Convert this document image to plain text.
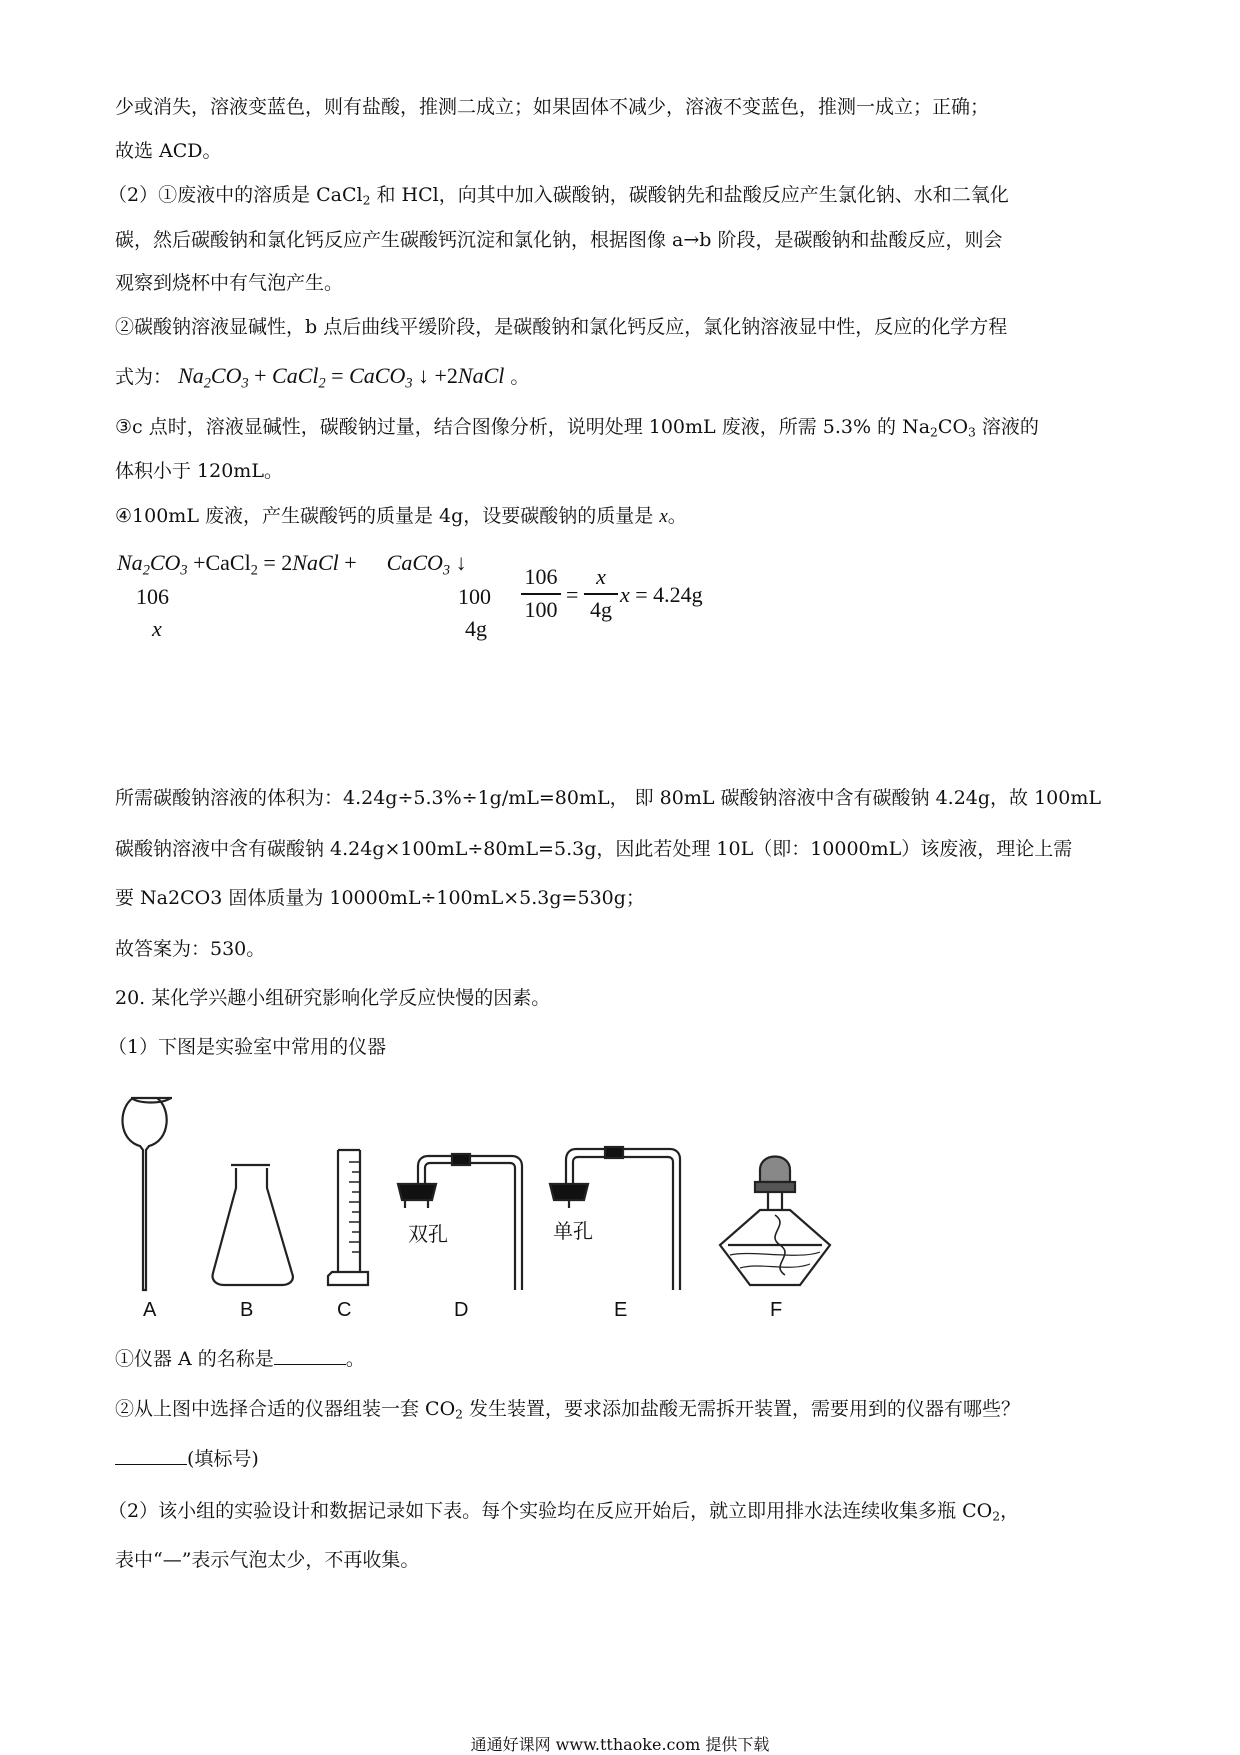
少或消失，溶液变蓝色，则有盐酸，推测二成立；如果固体不减少，溶液不变蓝色，推测一成立；正确；
故选 ACD。
（2）①废液中的溶质是 CaCl$_2$ 和 HCl，向其中加入碳酸钠，碳酸钠先和盐酸反应产生氯化钠、水和二氧化
碳，然后碳酸钠和氯化钙反应产生碳酸钙沉淀和氯化钠，根据图像 a→b 阶段，是碳酸钠和盐酸反应，则会
观察到烧杯中有气泡产生。
②碳酸钠溶液显碱性，b 点后曲线平缓阶段，是碳酸钠和氯化钙反应，氯化钠溶液显中性，反应的化学方程
式为： $Na_2CO_3$ + CaCl$_2$ = CaCO$_3$ ↓ +2NaCl 。
③c 点时，溶液显碱性，碳酸钠过量，结合图像分析，说明处理 100mL 废液，所需 5.3% 的 $Na_2CO_3$ 溶液的
体积小于 120mL。
④100mL 废液，产生碳酸钙的质量是 4g，设要碳酸钠的质量是 x。
$Na_2CO_3$ +CaCl$_2$ = 2NaCl + CaCO$_3$ ↓
106
x
100
4g
106
100
=
x
4g
x = 4.24g
所需碳酸钠溶液的体积为：4.24g÷5.3%÷1g/mL=80mL， 即 80mL 碳酸钠溶液中含有碳酸钠 4.24g，故 100mL
碳酸钠溶液中含有碳酸钠 4.24g×100mL÷80mL=5.3g，因此若处理 10L（即：10000mL）该废液，理论上需
要 Na2CO3 固体质量为 10000mL÷100mL×5.3g=530g；
故答案为：530。
20. 某化学兴趣小组研究影响化学反应快慢的因素。
（1）下图是实验室中常用的仪器
双孔	单孔
A	B	C	D	E	F
①仪器 A 的名称是	。
②从上图中选择合适的仪器组装一套 $CO_2$ 发生装置，要求添加盐酸无需拆开装置，需要用到的仪器有哪些？
(填标号)
（2）该小组的实验设计和数据记录如下表。每个实验均在反应开始后，就立即用排水法连续收集多瓶 $CO_2$，
表中“—”表示气泡太少，不再收集。
通通好课网 www.tthaoke.com 提供下载
